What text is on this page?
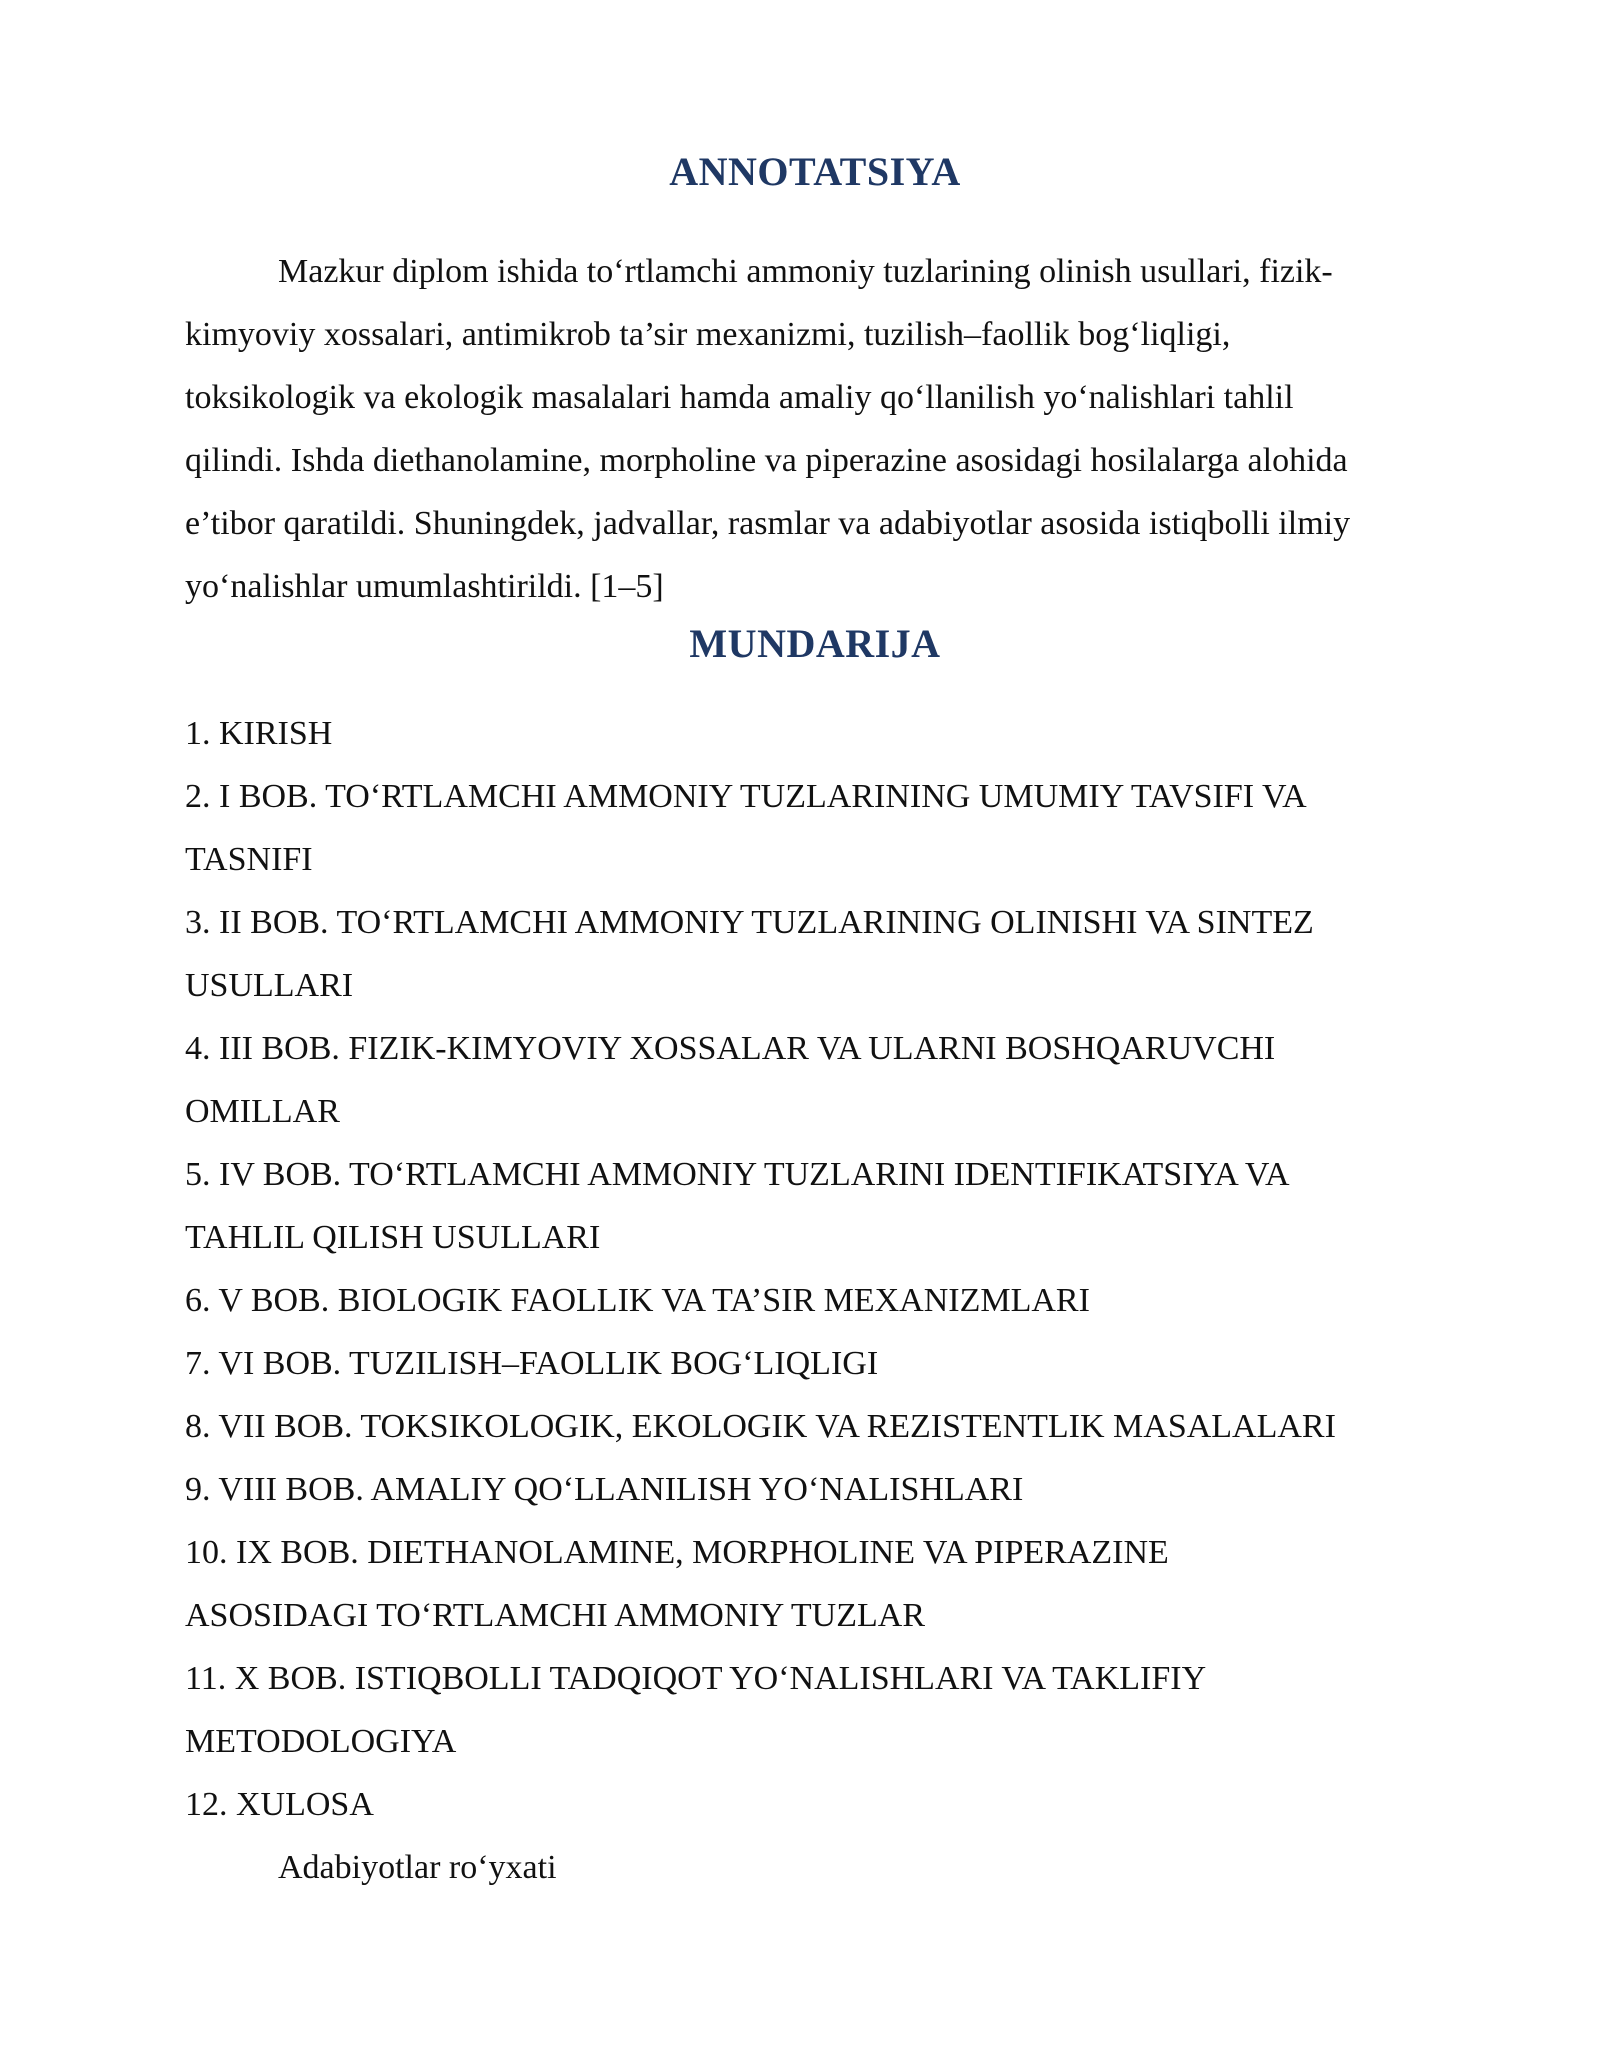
ANNOTATSIYA

Mazkur diplom ishida to‘rtlamchi ammoniy tuzlarining olinish usullari, fizik-
kimyoviy xossalari, antimikrob ta’sir mexanizmi, tuzilish–faollik bog‘liqligi,
toksikologik va ekologik masalalari hamda amaliy qo‘llanilish yo‘nalishlari tahlil
qilindi. Ishda diethanolamine, morpholine va piperazine asosidagi hosilalarga alohida
e’tibor qaratildi. Shuningdek, jadvallar, rasmlar va adabiyotlar asosida istiqbolli ilmiy
yo‘nalishlar umumlashtirildi. [1–5]

MUNDARIJA
1. KIRISH
2. I BOB. TO‘RTLAMCHI AMMONIY TUZLARINING UMUMIY TAVSIFI VA
TASNIFI
3. II BOB. TO‘RTLAMCHI AMMONIY TUZLARINING OLINISHI VA SINTEZ
USULLARI
4. III BOB. FIZIK-KIMYOVIY XOSSALAR VA ULARNI BOSHQARUVCHI
OMILLAR
5. IV BOB. TO‘RTLAMCHI AMMONIY TUZLARINI IDENTIFIKATSIYA VA
TAHLIL QILISH USULLARI
6. V BOB. BIOLOGIK FAOLLIK VA TA’SIR MEXANIZMLARI
7. VI BOB. TUZILISH–FAOLLIK BOG‘LIQLIGI
8. VII BOB. TOKSIKOLOGIK, EKOLOGIK VA REZISTENTLIK MASALALARI
9. VIII BOB. AMALIY QO‘LLANILISH YO‘NALISHLARI
10. IX BOB. DIETHANOLAMINE, MORPHOLINE VA PIPERAZINE
ASOSIDAGI TO‘RTLAMCHI AMMONIY TUZLAR
11. X BOB. ISTIQBOLLI TADQIQOT YO‘NALISHLARI VA TAKLIFIY
METODOLOGIYA
12. XULOSA
Adabiyotlar ro‘yxati
